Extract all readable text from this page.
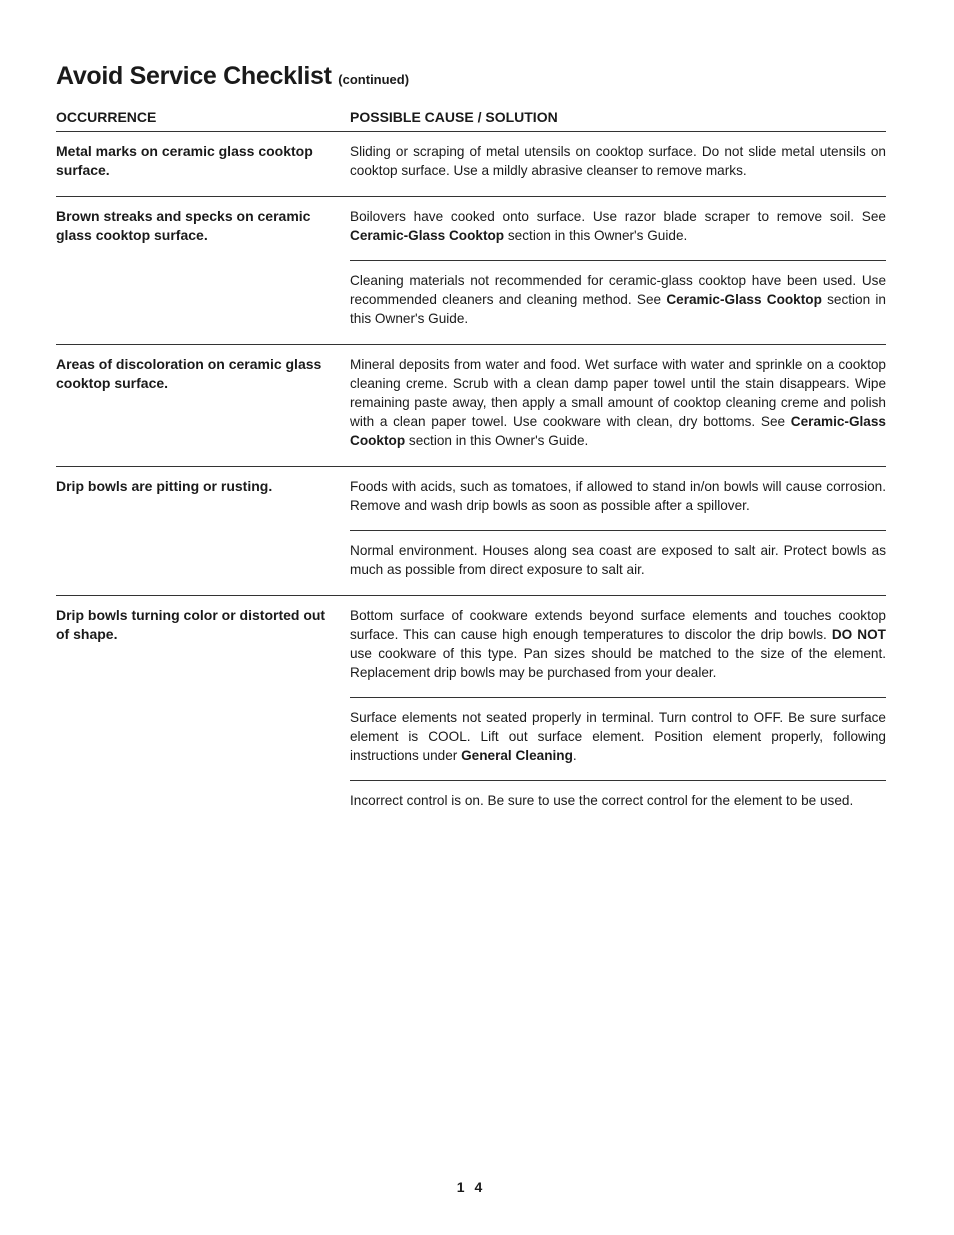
Avoid Service Checklist (continued)
OCCURRENCE	POSSIBLE CAUSE / SOLUTION
Metal marks on ceramic glass cooktop surface.
Sliding or scraping of metal utensils on cooktop surface. Do not slide metal utensils on cooktop surface. Use a mildly abrasive cleanser to remove marks.
Brown streaks and specks on ceramic glass cooktop surface.
Boilovers have cooked onto surface. Use razor blade scraper to remove soil. See Ceramic-Glass Cooktop section in this Owner's Guide.
Cleaning materials not recommended for ceramic-glass cooktop have been used. Use recommended cleaners and cleaning method. See Ceramic-Glass Cooktop section in this Owner's Guide.
Areas of discoloration on ceramic glass cooktop surface.
Mineral deposits from water and food. Wet surface with water and sprinkle on a cooktop cleaning creme. Scrub with a clean damp paper towel until the stain disappears. Wipe remaining paste away, then apply a small amount of cooktop cleaning creme and polish with a clean paper towel. Use cookware with clean, dry bottoms. See Ceramic-Glass Cooktop section in this Owner's Guide.
Drip bowls are pitting or rusting.	Foods with acids, such as tomatoes, if allowed to stand in/on bowls will cause corrosion. Remove and wash drip bowls as soon as possible after a spillover.
Normal environment. Houses along sea coast are exposed to salt air. Protect bowls as much as possible from direct exposure to salt air.
Drip bowls turning color or distorted out of shape.
Bottom surface of cookware extends beyond surface elements and touches cooktop surface. This can cause high enough temperatures to discolor the drip bowls. DO NOT use cookware of this type. Pan sizes should be matched to the size of the element. Replacement drip bowls may be purchased from your dealer.
Surface elements not seated properly in terminal. Turn control to OFF. Be sure surface element is COOL. Lift out surface element. Position element properly, following instructions under General Cleaning.
Incorrect control is on. Be sure to use the correct control for the element to be used.
1 4
